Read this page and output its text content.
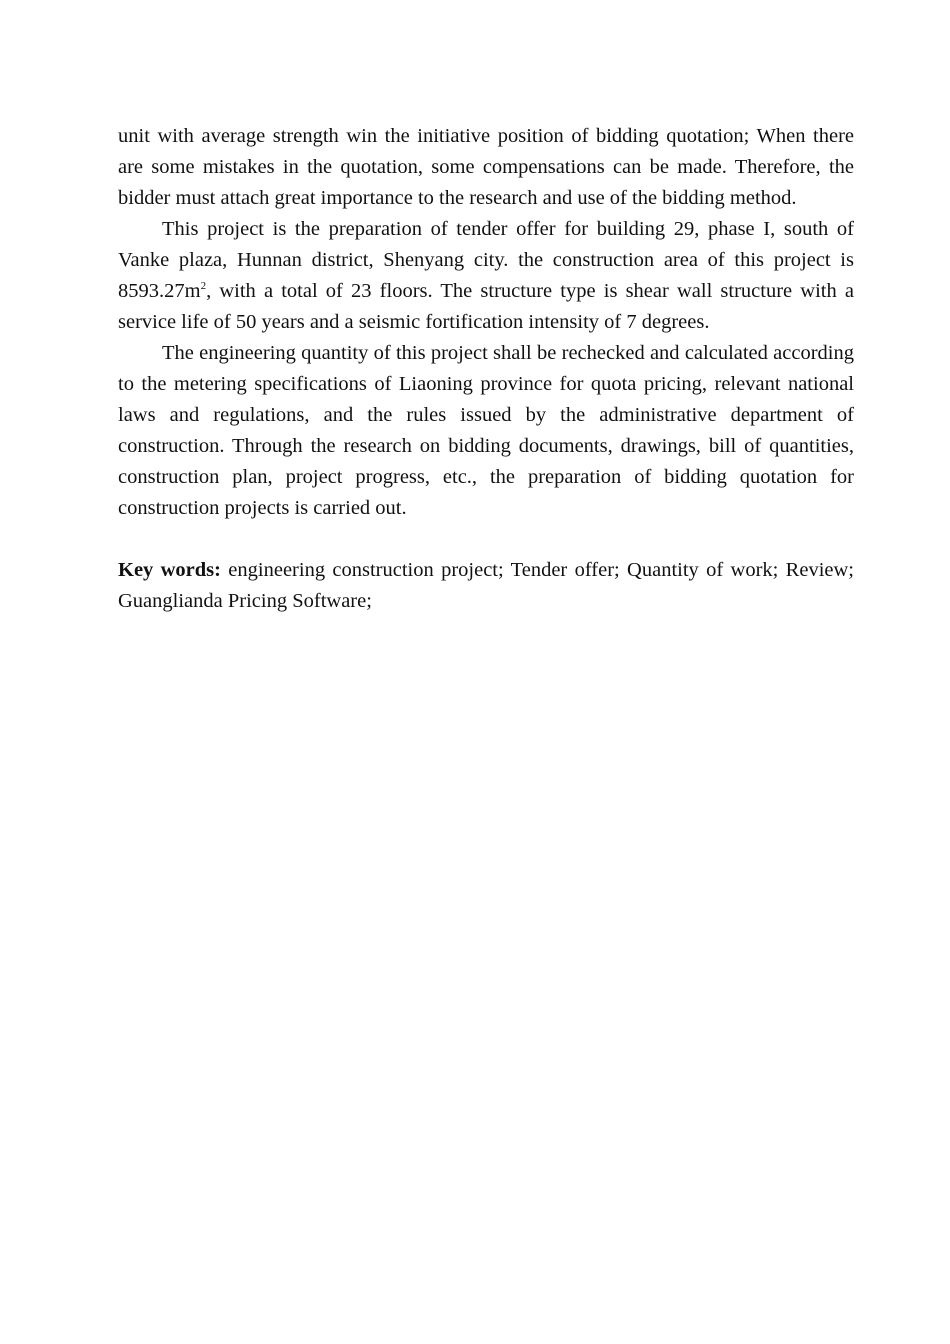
unit with average strength win the initiative position of bidding quotation; When there are some mistakes in the quotation, some compensations can be made. Therefore, the bidder must attach great importance to the research and use of the bidding method.

This project is the preparation of tender offer for building 29, phase I, south of Vanke plaza, Hunnan district, Shenyang city. the construction area of this project is $8593.27m^2$, with a total of 23 floors. The structure type is shear wall structure with a service life of 50 years and a seismic fortification intensity of 7 degrees.

The engineering quantity of this project shall be rechecked and calculated according to the metering specifications of Liaoning province for quota pricing, relevant national laws and regulations, and the rules issued by the administrative department of construction. Through the research on bidding documents, drawings, bill of quantities, construction plan, project progress, etc., the preparation of bidding quotation for construction projects is carried out.

Key words: engineering construction project; Tender offer; Quantity of work; Review; Guanglianda Pricing Software;
